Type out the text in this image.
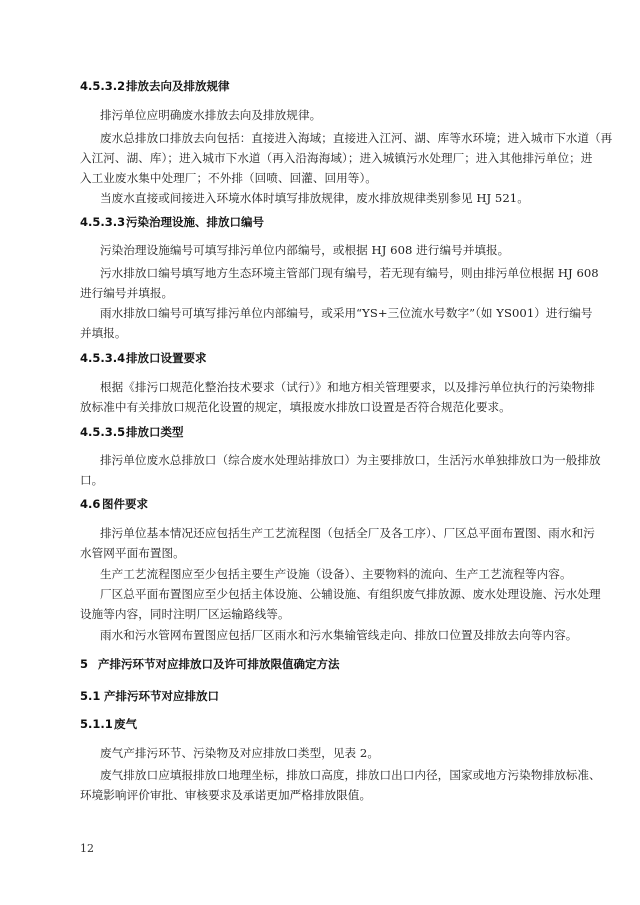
4.5.3.2排放去向及排放规律
排污单位应明确废水排放去向及排放规律。
废水总排放口排放去向包括：直接进入海域；直接进入江河、湖、库等水环境；进入城市下水道（再
入江河、湖、库）；进入城市下水道（再入沿海海域）；进入城镇污水处理厂；进入其他排污单位；进
入工业废水集中处理厂；不外排（回喷、回灌、回用等）。
当废水直接或间接进入环境水体时填写排放规律，废水排放规律类别参见 HJ 521。
4.5.3.3污染治理设施、排放口编号
污染治理设施编号可填写排污单位内部编号，或根据 HJ 608 进行编号并填报。
污水排放口编号填写地方生态环境主管部门现有编号，若无现有编号，则由排污单位根据 HJ 608
进行编号并填报。
雨水排放口编号可填写排污单位内部编号，或采用“YS+三位流水号数字”（如 YS001）进行编号
并填报。
4.5.3.4排放口设置要求
根据《排污口规范化整治技术要求（试行）》和地方相关管理要求，以及排污单位执行的污染物排
放标准中有关排放口规范化设置的规定，填报废水排放口设置是否符合规范化要求。
4.5.3.5排放口类型
排污单位废水总排放口（综合废水处理站排放口）为主要排放口，生活污水单独排放口为一般排放
口。
4.6 图件要求
排污单位基本情况还应包括生产工艺流程图（包括全厂及各工序）、厂区总平面布置图、雨水和污
水管网平面布置图。
生产工艺流程图应至少包括主要生产设施（设备）、主要物料的流向、生产工艺流程等内容。
厂区总平面布置图应至少包括主体设施、公辅设施、有组织废气排放源、废水处理设施、污水处理
设施等内容，同时注明厂区运输路线等。
雨水和污水管网布置图应包括厂区雨水和污水集输管线走向、排放口位置及排放去向等内容。
5 产排污环节对应排放口及许可排放限值确定方法
5.1 产排污环节对应排放口
5.1.1废气
废气产排污环节、污染物及对应排放口类型，见表 2。
废气排放口应填报排放口地理坐标，排放口高度，排放口出口内径，国家或地方污染物排放标准、
环境影响评价审批、审核要求及承诺更加严格排放限值。
12
